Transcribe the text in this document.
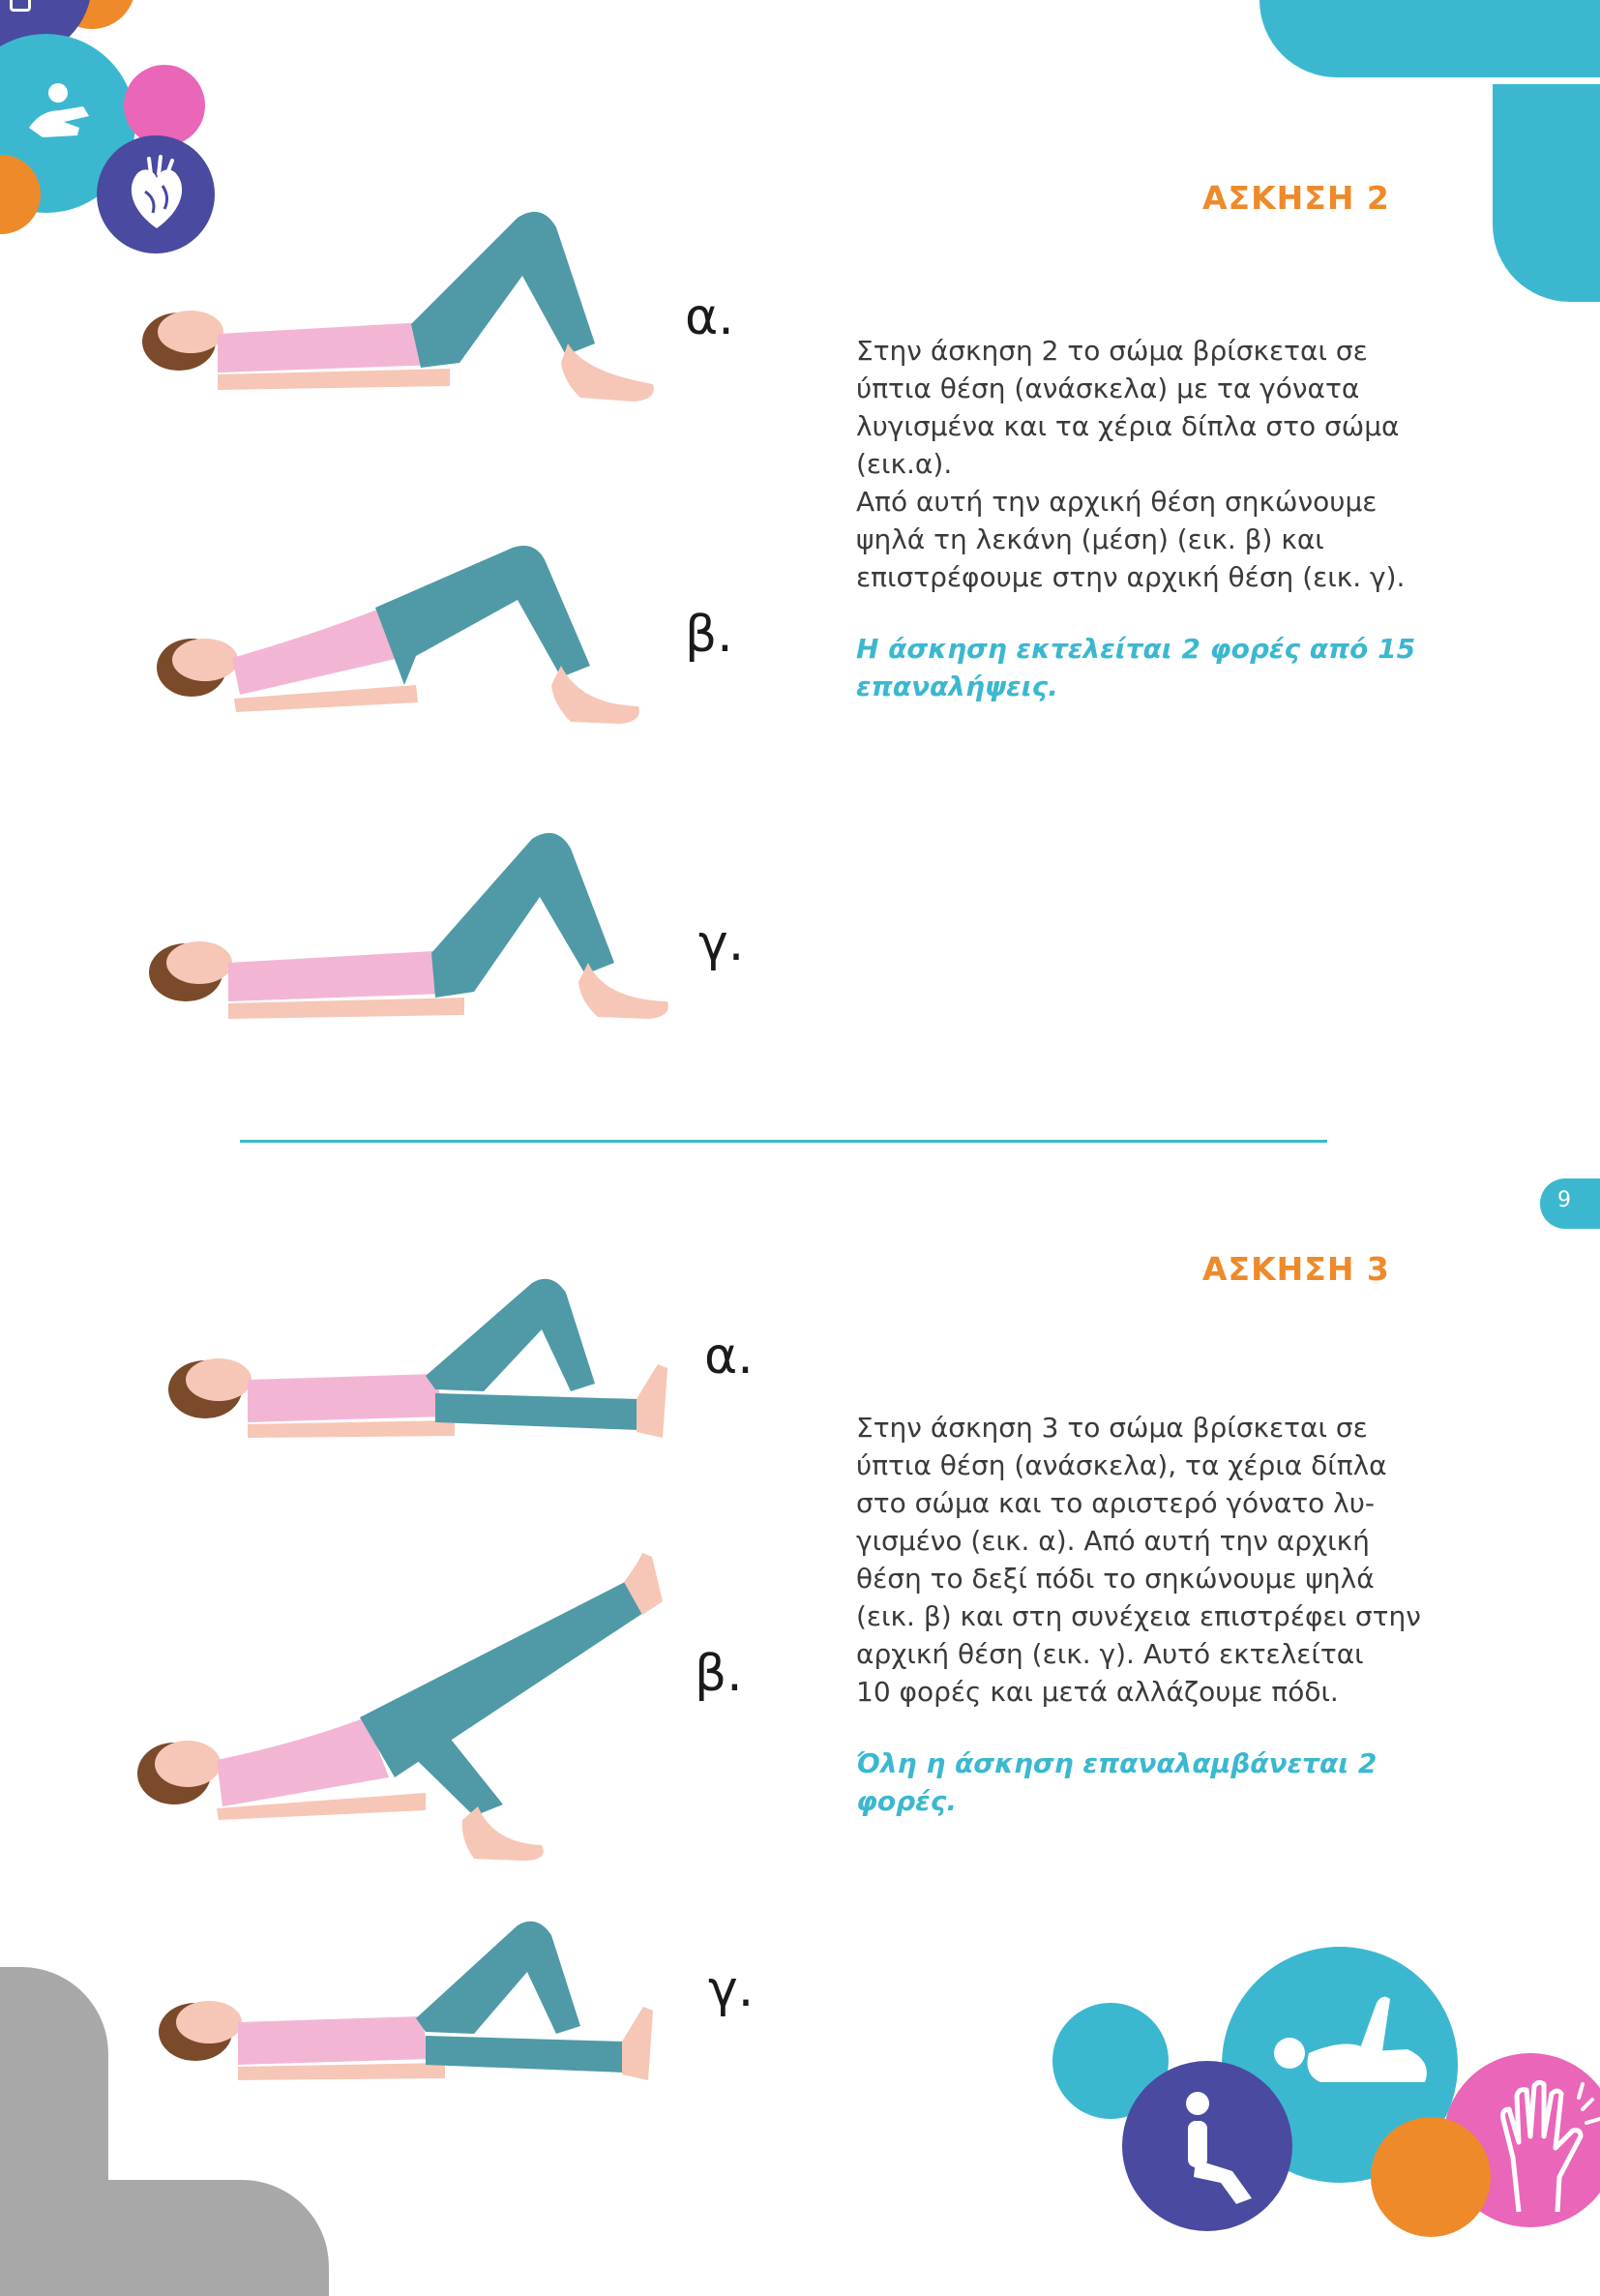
ΑΣΚΗΣΗ 2

Στην άσκηση 2 το σώμα βρίσκεται σε

ύπτια θέση (ανάσκελα) με τα γόνατα

λυγισμένα και τα χέρια δίπλα στο σώμα

(εικ.α).

Από αυτή την αρχική θέση σηκώνουμε

ψηλά τη λεκάνη (μέση) (εικ. β) και

επιστρέφουμε στην αρχική θέση (εικ. γ).

Η άσκηση εκτελείται 2 φορές από 15
επαναλήψεις.
α.
β.
γ.
9
ΑΣΚΗΣΗ 3

Στην άσκηση 3 το σώμα βρίσκεται σε

ύπτια θέση (ανάσκελα), τα χέρια δίπλα

στο σώμα και το αριστερό γόνατο λυ-

γισμένο (εικ. α). Από αυτή την αρχική

θέση το δεξί πόδι το σηκώνουμε ψηλά

(εικ. β) και στη συνέχεια επιστρέφει στην

αρχική θέση (εικ. γ). Αυτό εκτελείται

10 φορές και μετά αλλάζουμε πόδι.

Όλη η άσκηση επαναλαμβάνεται 2
φορές.
α.
β.
γ.
